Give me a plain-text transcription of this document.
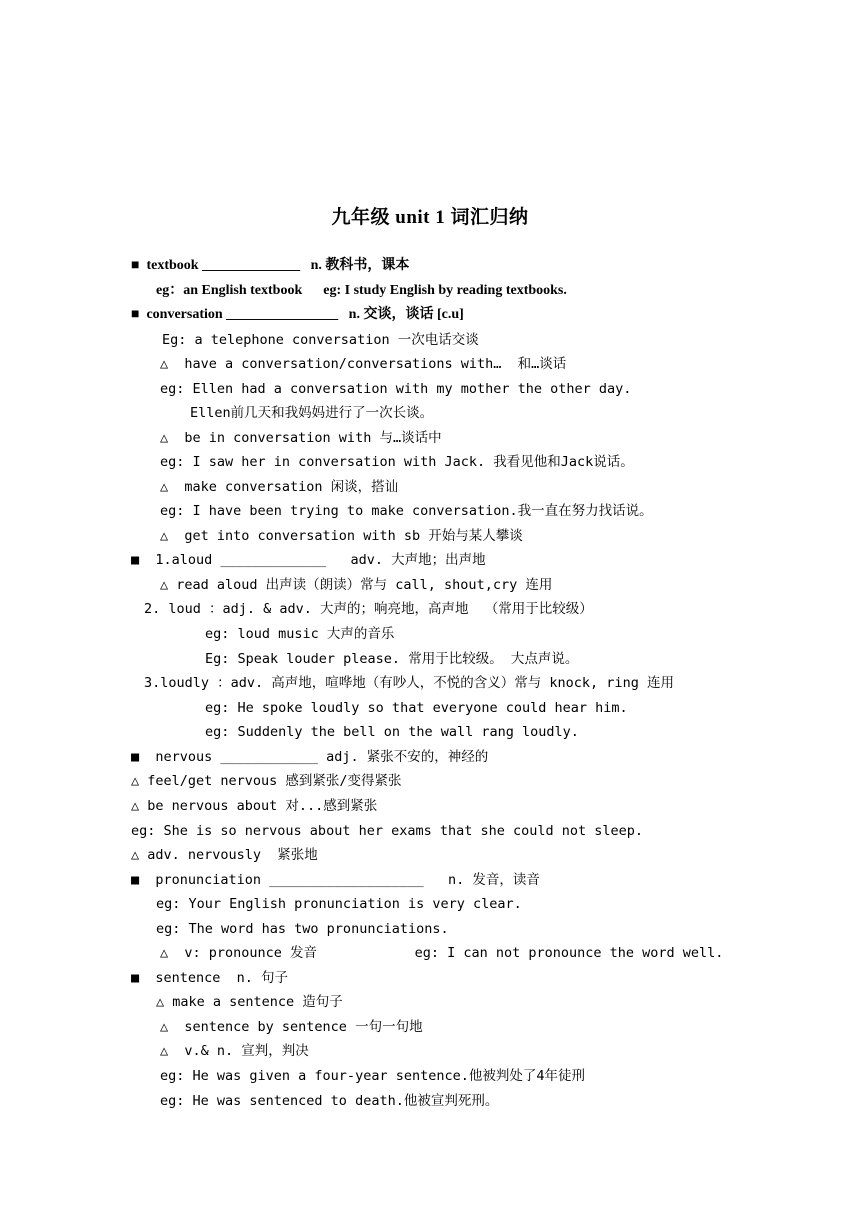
九年级 unit 1 词汇归纳
■  textbook ______________   n. 教科书，课本
eg：an English textbook      eg: I study English by reading textbooks.
■  conversation ________________   n. 交谈，谈话 [c.u]
Eg: a telephone conversation 一次电话交谈
△  have a conversation/conversations with…  和…谈话
eg: Ellen had a conversation with my mother the other day.
Ellen前几天和我妈妈进行了一次长谈。
△  be in conversation with 与…谈话中
eg: I saw her in conversation with Jack. 我看见他和Jack说话。
△  make conversation 闲谈，搭讪
eg: I have been trying to make conversation.我一直在努力找话说。
△  get into conversation with sb 开始与某人攀谈
■  1.aloud _____________   adv. 大声地；出声地
△ read aloud 出声读（朗读）常与 call, shout,cry 连用
2. loud ：adj. & adv. 大声的；响亮地，高声地  （常用于比较级）
eg: loud music 大声的音乐
Eg: Speak louder please. 常用于比较级。 大点声说。
3.loudly ：adv. 高声地，喧哗地（有吵人，不悦的含义）常与 knock, ring 连用
eg: He spoke loudly so that everyone could hear him.
eg: Suddenly the bell on the wall rang loudly.
■  nervous ____________ adj. 紧张不安的，神经的
△ feel/get nervous 感到紧张/变得紧张
△ be nervous about 对...感到紧张
eg: She is so nervous about her exams that she could not sleep.
△ adv. nervously  紧张地
■  pronunciation ___________________   n. 发音，读音
eg: Your English pronunciation is very clear.
eg: The word has two pronunciations.
△  v: pronounce 发音            eg: I can not pronounce the word well.
■  sentence  n. 句子
△ make a sentence 造句子
△  sentence by sentence 一句一句地
△  v.& n. 宣判，判决
eg: He was given a four-year sentence.他被判处了4年徒刑
eg: He was sentenced to death.他被宣判死刑。
